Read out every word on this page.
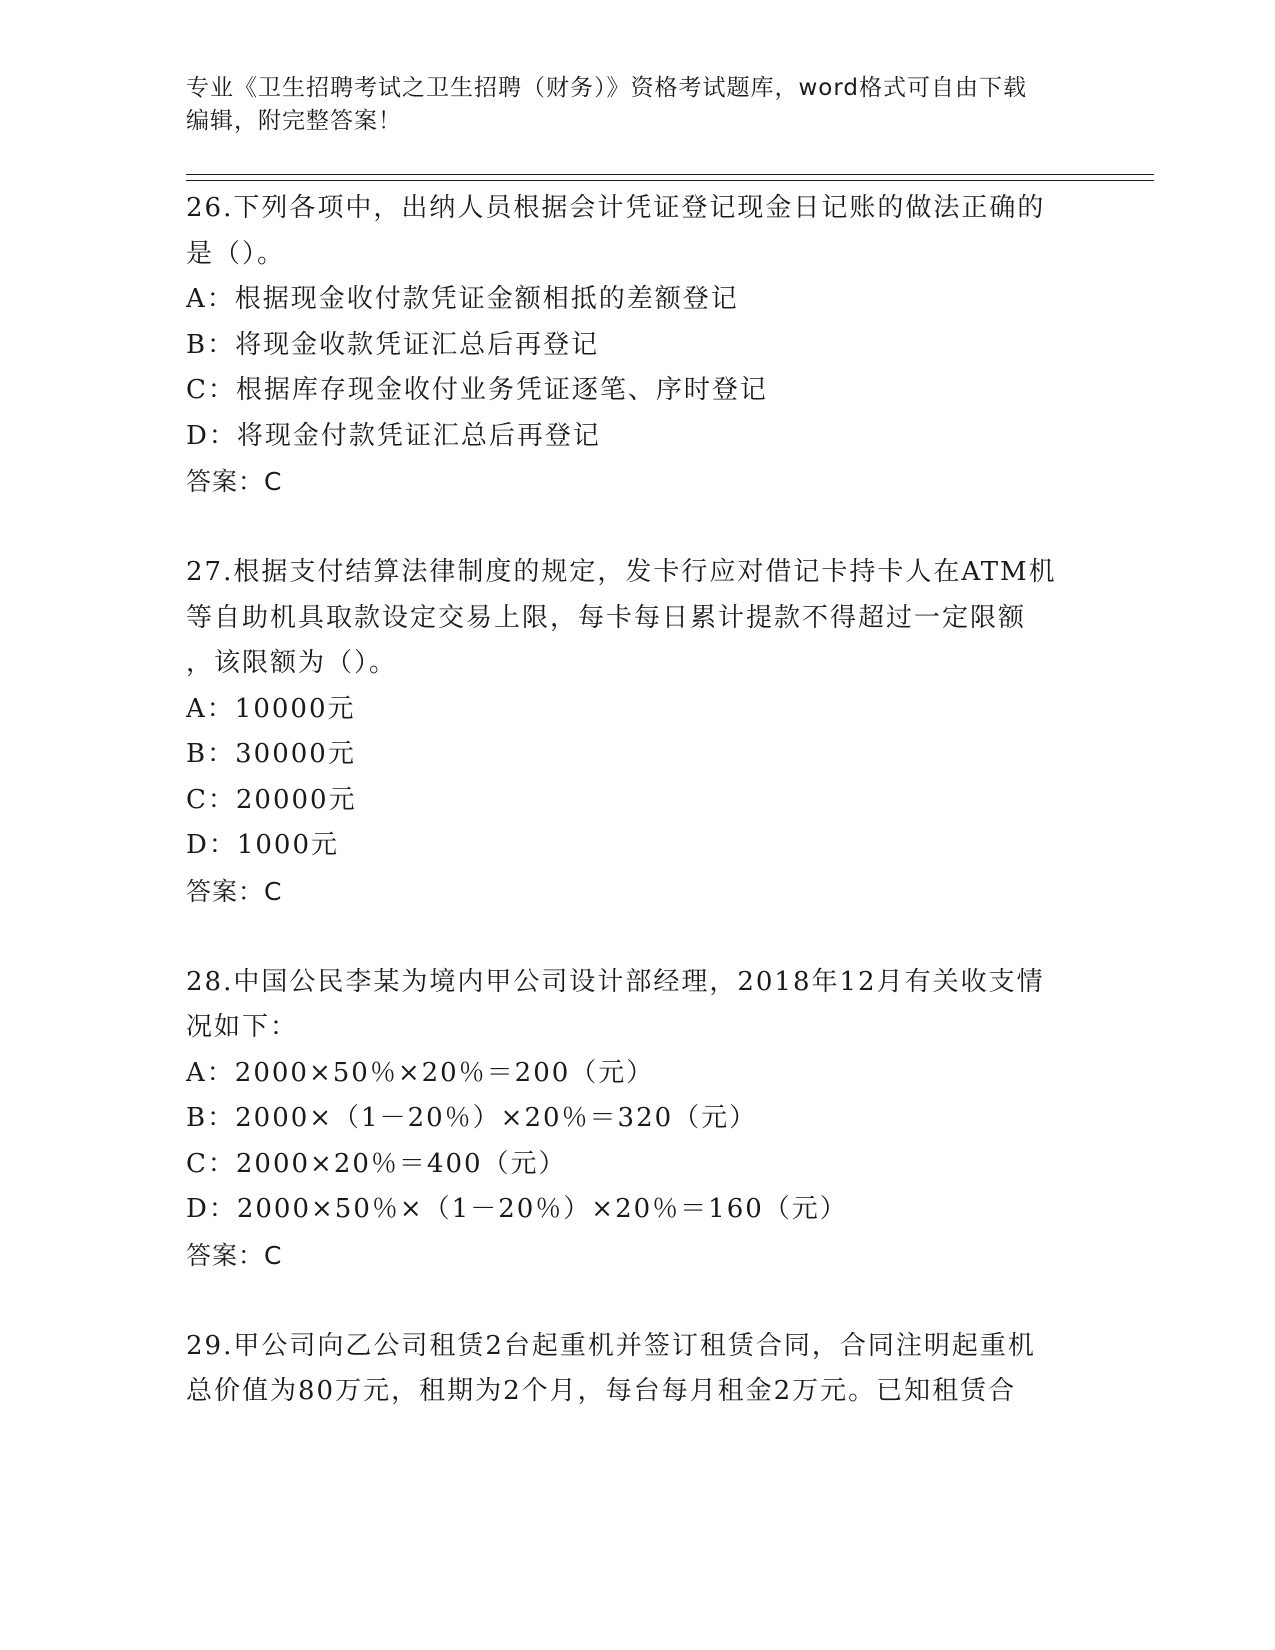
专业《卫生招聘考试之卫生招聘（财务）》资格考试题库，word格式可自由下载

编辑，附完整答案！

26.下列各项中，出纳人员根据会计凭证登记现金日记账的做法正确的
是（）。
A：根据现金收付款凭证金额相抵的差额登记
B：将现金收款凭证汇总后再登记
C：根据库存现金收付业务凭证逐笔、序时登记
D：将现金付款凭证汇总后再登记
答案：C
27.根据支付结算法律制度的规定，发卡行应对借记卡持卡人在ATM机
等自助机具取款设定交易上限，每卡每日累计提款不得超过一定限额
，该限额为（）。
A：10000元
B：30000元
C：20000元
D：1000元
答案：C
28.中国公民李某为境内甲公司设计部经理，2018年12月有关收支情
况如下：
A：2000×50％×20％＝200（元）
B：2000×（1－20％）×20％＝320（元）
C：2000×20％＝400（元）
D：2000×50％×（1－20％）×20％＝160（元）
答案：C
29.甲公司向乙公司租赁2台起重机并签订租赁合同，合同注明起重机
总价值为80万元，租期为2个月，每台每月租金2万元。已知租赁合
